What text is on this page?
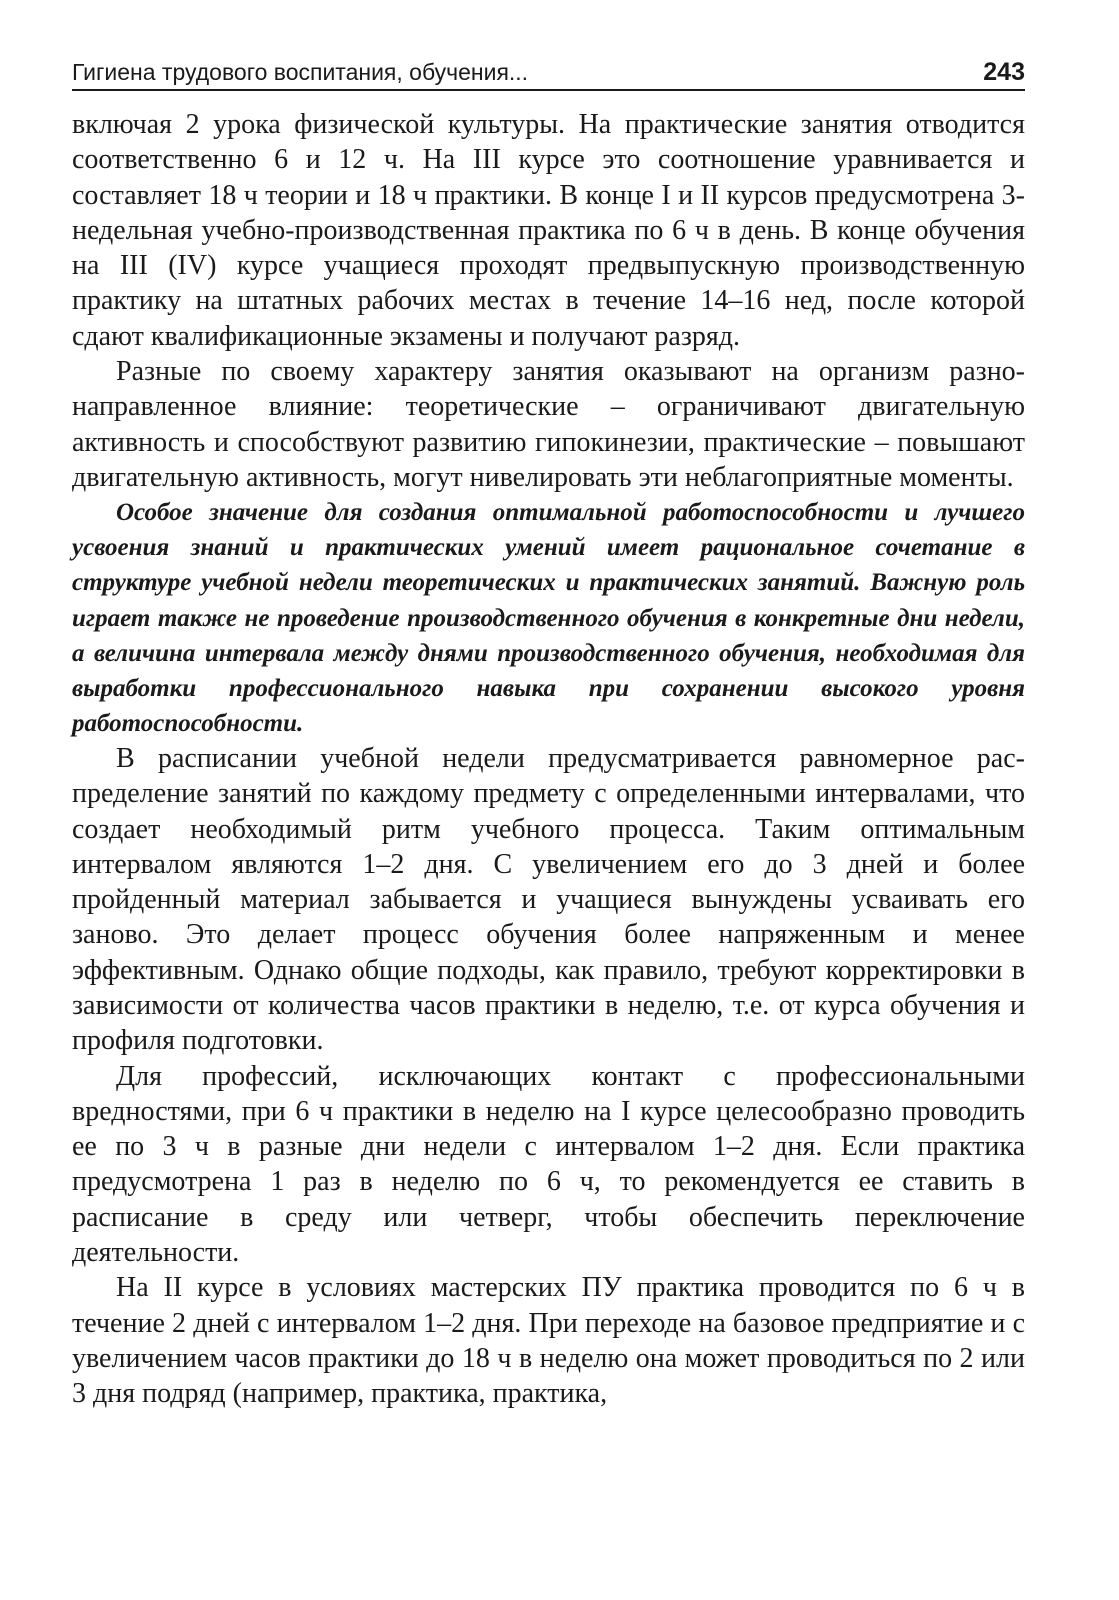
Гигиена трудового воспитания, обучения...	243

включая 2 урока физической культуры. На практические занятия отводится соответственно 6 и 12 ч. На III курсе это соотношение уравнивается и составляет 18 ч теории и 18 ч практики. В конце I и II курсов предусмотрена 3-недельная учебно-производственная практика по 6 ч в день. В конце обучения на III (IV) курсе учащиеся проходят предвыпускную производственную практику на штатных рабочих местах в течение 14–16 нед, после которой сдают квалификационные экзамены и получают разряд.

Разные по своему характеру занятия оказывают на организм разнонаправленное влияние: теоретические – ограничивают двигательную активность и способствуют развитию гипокинезии, практические – повышают двигательную активность, могут нивелировать эти неблагоприятные моменты.

Особое значение для создания оптимальной работоспособности и лучшего усвоения знаний и практических умений имеет рациональное сочетание в структуре учебной недели теоретических и практических занятий. Важную роль играет также не проведение производственного обучения в конкретные дни недели, а величина интервала между днями производственного обучения, необходимая для выработки профессионального навыка при сохранении высокого уровня работоспособности.

В расписании учебной недели предусматривается равномерное распределение занятий по каждому предмету с определенными интервалами, что создает необходимый ритм учебного процесса. Таким оптимальным интервалом являются 1–2 дня. С увеличением его до 3 дней и более пройденный материал забывается и учащиеся вынуждены усваивать его заново. Это делает процесс обучения более напряженным и менее эффективным. Однако общие подходы, как правило, требуют корректировки в зависимости от количества часов практики в неделю, т.е. от курса обучения и профиля подготовки.

Для профессий, исключающих контакт с профессиональными вредностями, при 6 ч практики в неделю на I курсе целесообразно проводить ее по 3 ч в разные дни недели с интервалом 1–2 дня. Если практика предусмотрена 1 раз в неделю по 6 ч, то рекомендуется ее ставить в расписание в среду или четверг, чтобы обеспечить переключение деятельности.

На II курсе в условиях мастерских ПУ практика проводится по 6 ч в течение 2 дней с интервалом 1–2 дня. При переходе на базовое предприятие и с увеличением часов практики до 18 ч в неделю она может проводиться по 2 или 3 дня подряд (например, практика, практика,
